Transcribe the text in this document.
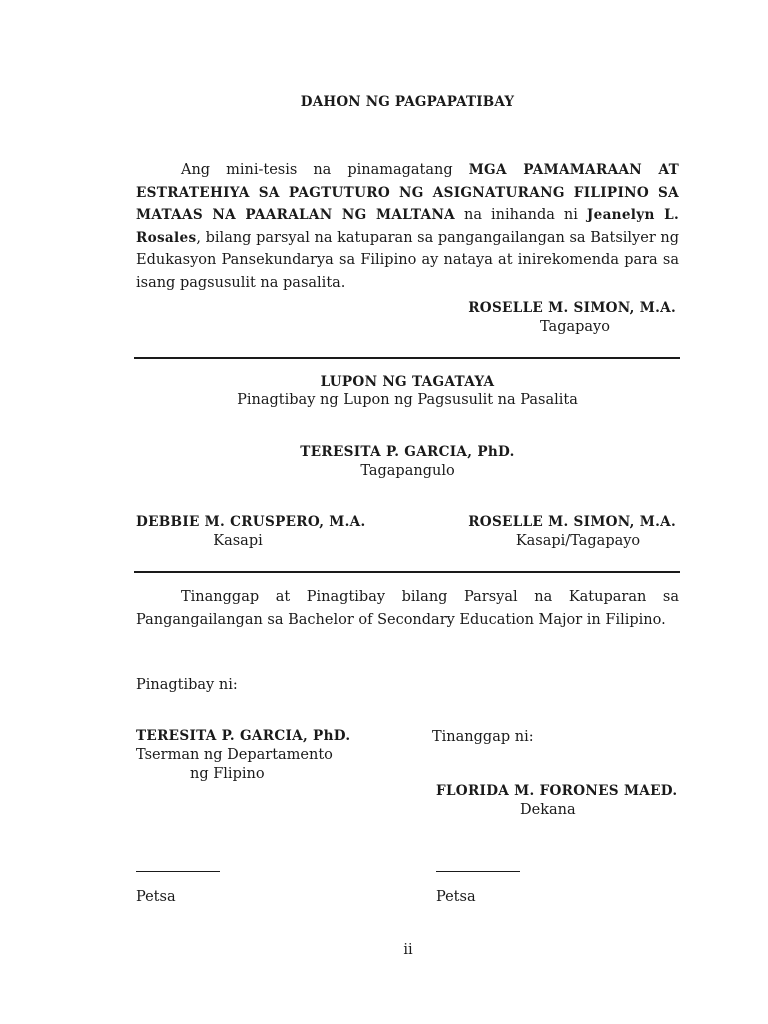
DAHON NG PAGPAPATIBAY
Ang mini-tesis na pinamagatang MGA PAMAMARAAN AT ESTRATEHIYA SA PAGTUTURO NG ASIGNATURANG FILIPINO SA MATAAS NA PAARALAN NG MALTANA na inihanda ni Jeanelyn L. Rosales, bilang parsyal na katuparan sa pangangailangan sa Batsilyer ng Edukasyon Pansekundarya sa Filipino ay nataya at inirekomenda para sa isang pagsusulit na pasalita.
ROSELLE M. SIMON, M.A.
Tagapayo
LUPON NG TAGATAYA
Pinagtibay ng Lupon ng Pagsusulit na Pasalita
TERESITA P. GARCIA, PhD.
Tagapangulo
DEBBIE M. CRUSPERO, M.A.
Kasapi
ROSELLE M. SIMON, M.A.
Kasapi/Tagapayo
Tinanggap at Pinagtibay bilang Parsyal na Katuparan sa Pangangailangan sa Bachelor of Secondary Education Major in Filipino.
Pinagtibay ni:
TERESITA P. GARCIA, PhD.
Tserman ng Departamento
ng Flipino
Tinanggap ni:
FLORIDA M. FORONES MAED.
Dekana
Petsa	Petsa
ii
